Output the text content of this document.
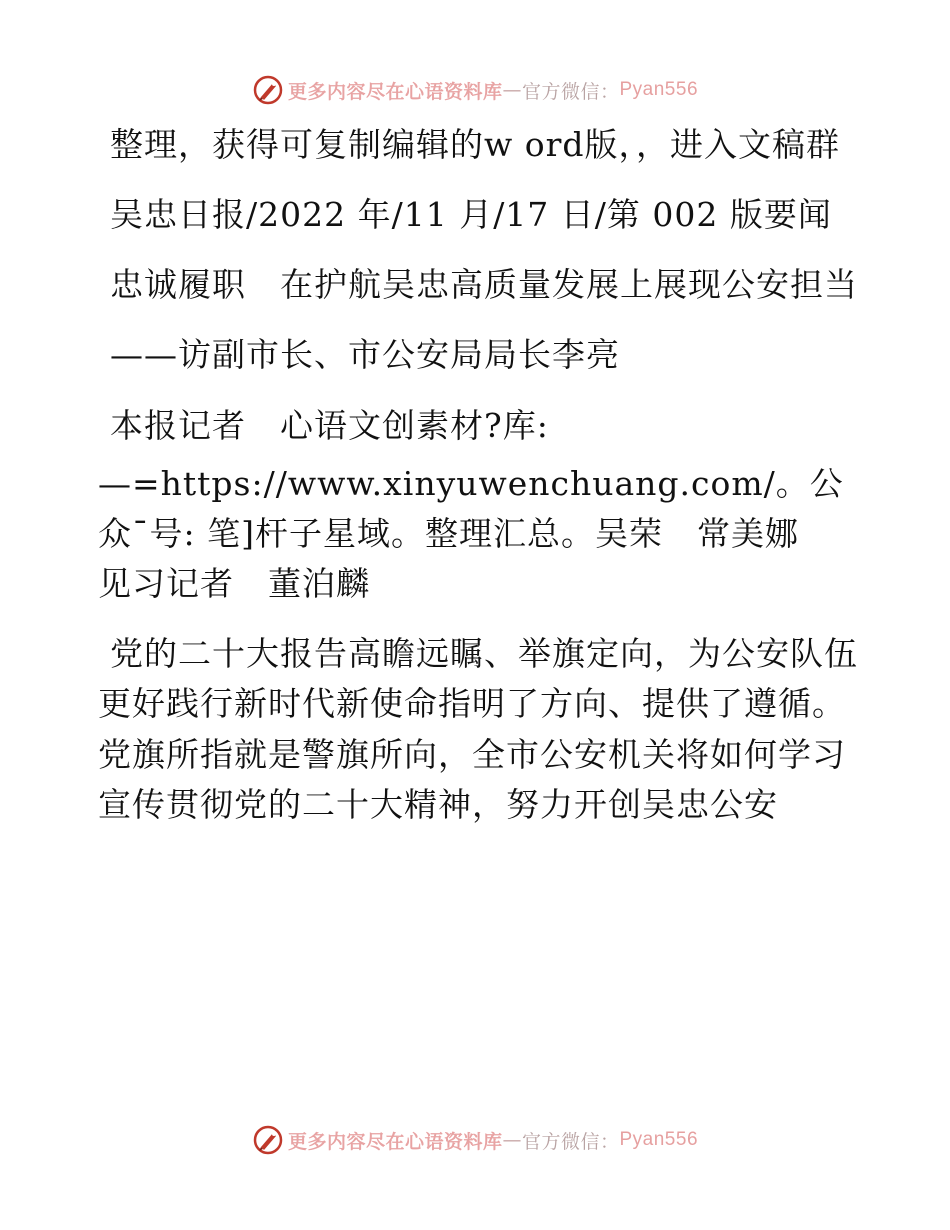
更多内容尽在心语资料库 — 官方微信： Pyan556

整理，获得可复制编辑的w ord版，，进入文稿群

吴忠日报/2022 年/11 月/17 日/第 002 版要闻

忠诚履职　在护航吴忠高质量发展上展现公安担当

——访副市长、市公安局局长李亮

本报记者　心语文创素材?库:

—=https://www.xinyuwenchuang.com/。公众¯号: 笔]杆子星域。整理汇总。吴荣　常美娜　见习记者　董泊麟

党的二十大报告高瞻远瞩、举旗定向，为公安队伍更好践行新时代新使命指明了方向、提供了遵循。党旗所指就是警旗所向，全市公安机关将如何学习宣传贯彻党的二十大精神，努力开创吴忠公安

更多内容尽在心语资料库 — 官方微信： Pyan556
